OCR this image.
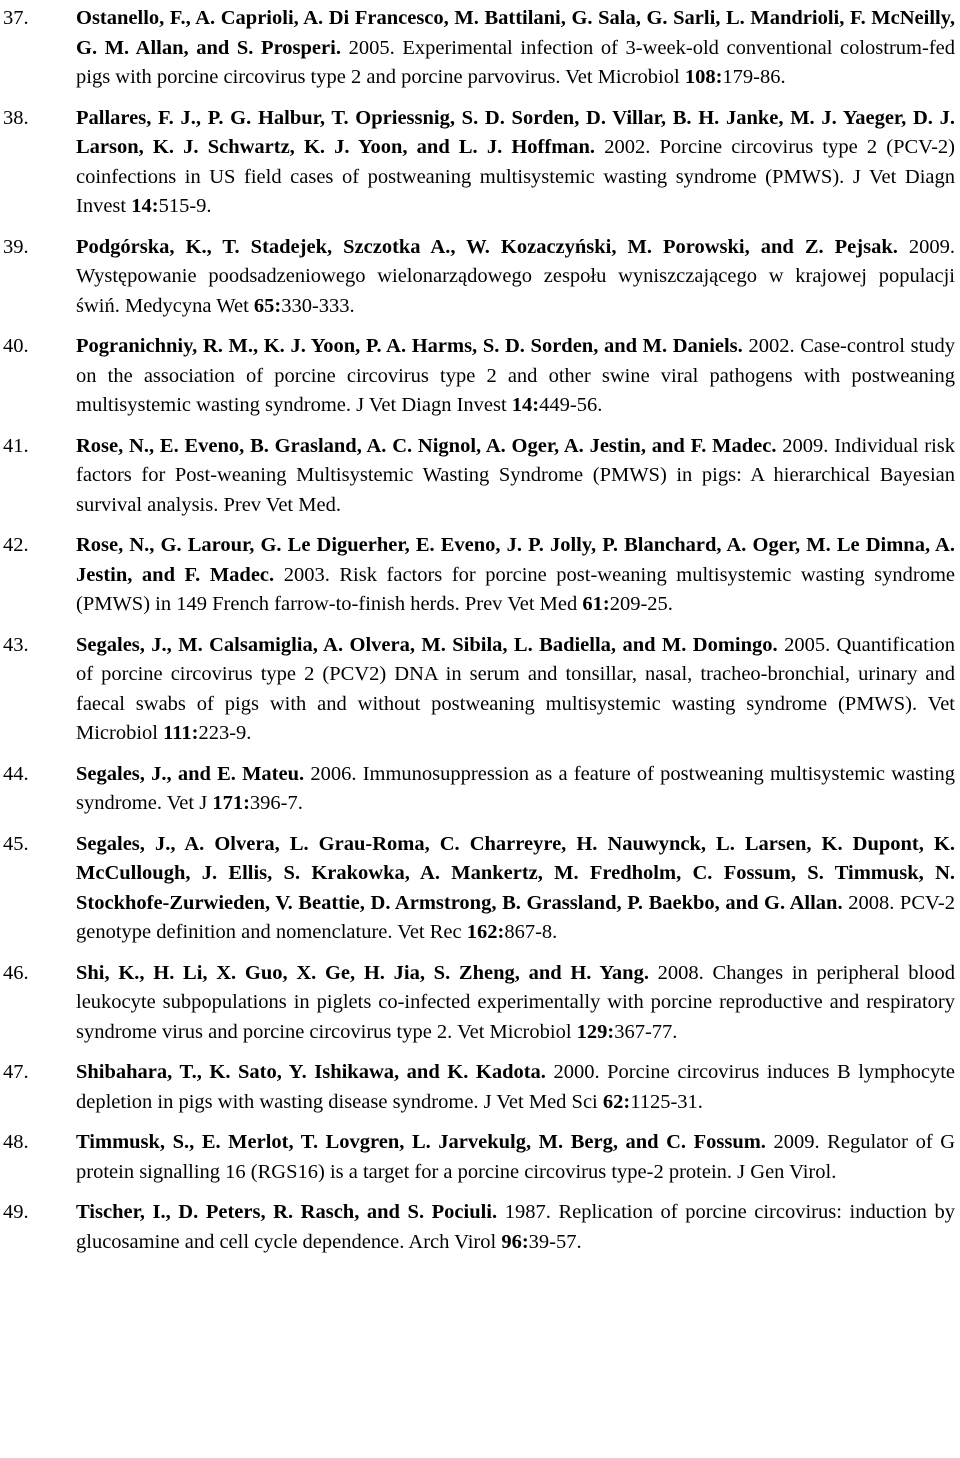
37.	Ostanello, F., A. Caprioli, A. Di Francesco, M. Battilani, G. Sala, G. Sarli, L. Mandrioli, F. McNeilly, G. M. Allan, and S. Prosperi. 2005. Experimental infection of 3-week-old conventional colostrum-fed pigs with porcine circovirus type 2 and porcine parvovirus. Vet Microbiol 108:179-86.
38.	Pallares, F. J., P. G. Halbur, T. Opriessnig, S. D. Sorden, D. Villar, B. H. Janke, M. J. Yaeger, D. J. Larson, K. J. Schwartz, K. J. Yoon, and L. J. Hoffman. 2002. Porcine circovirus type 2 (PCV-2) coinfections in US field cases of postweaning multisystemic wasting syndrome (PMWS). J Vet Diagn Invest 14:515-9.
39.	Podgórska, K., T. Stadejek, Szczotka A., W. Kozaczyński, M. Porowski, and Z. Pejsak. 2009. Występowanie poodsadzeniowego wielonarządowego zespołu wyniszczającego w krajowej populacji świń. Medycyna Wet 65:330-333.
40.	Pogranichniy, R. M., K. J. Yoon, P. A. Harms, S. D. Sorden, and M. Daniels. 2002. Case-control study on the association of porcine circovirus type 2 and other swine viral pathogens with postweaning multisystemic wasting syndrome. J Vet Diagn Invest 14:449-56.
41.	Rose, N., E. Eveno, B. Grasland, A. C. Nignol, A. Oger, A. Jestin, and F. Madec. 2009. Individual risk factors for Post-weaning Multisystemic Wasting Syndrome (PMWS) in pigs: A hierarchical Bayesian survival analysis. Prev Vet Med.
42.	Rose, N., G. Larour, G. Le Diguerher, E. Eveno, J. P. Jolly, P. Blanchard, A. Oger, M. Le Dimna, A. Jestin, and F. Madec. 2003. Risk factors for porcine post-weaning multisystemic wasting syndrome (PMWS) in 149 French farrow-to-finish herds. Prev Vet Med 61:209-25.
43.	Segales, J., M. Calsamiglia, A. Olvera, M. Sibila, L. Badiella, and M. Domingo. 2005. Quantification of porcine circovirus type 2 (PCV2) DNA in serum and tonsillar, nasal, tracheo-bronchial, urinary and faecal swabs of pigs with and without postweaning multisystemic wasting syndrome (PMWS). Vet Microbiol 111:223-9.
44.	Segales, J., and E. Mateu. 2006. Immunosuppression as a feature of postweaning multisystemic wasting syndrome. Vet J 171:396-7.
45.	Segales, J., A. Olvera, L. Grau-Roma, C. Charreyre, H. Nauwynck, L. Larsen, K. Dupont, K. McCullough, J. Ellis, S. Krakowka, A. Mankertz, M. Fredholm, C. Fossum, S. Timmusk, N. Stockhofe-Zurwieden, V. Beattie, D. Armstrong, B. Grassland, P. Baekbo, and G. Allan. 2008. PCV-2 genotype definition and nomenclature. Vet Rec 162:867-8.
46.	Shi, K., H. Li, X. Guo, X. Ge, H. Jia, S. Zheng, and H. Yang. 2008. Changes in peripheral blood leukocyte subpopulations in piglets co-infected experimentally with porcine reproductive and respiratory syndrome virus and porcine circovirus type 2. Vet Microbiol 129:367-77.
47.	Shibahara, T., K. Sato, Y. Ishikawa, and K. Kadota. 2000. Porcine circovirus induces B lymphocyte depletion in pigs with wasting disease syndrome. J Vet Med Sci 62:1125-31.
48.	Timmusk, S., E. Merlot, T. Lovgren, L. Jarvekulg, M. Berg, and C. Fossum. 2009. Regulator of G protein signalling 16 (RGS16) is a target for a porcine circovirus type-2 protein. J Gen Virol.
49.	Tischer, I., D. Peters, R. Rasch, and S. Pociuli. 1987. Replication of porcine circovirus: induction by glucosamine and cell cycle dependence. Arch Virol 96:39-57.
